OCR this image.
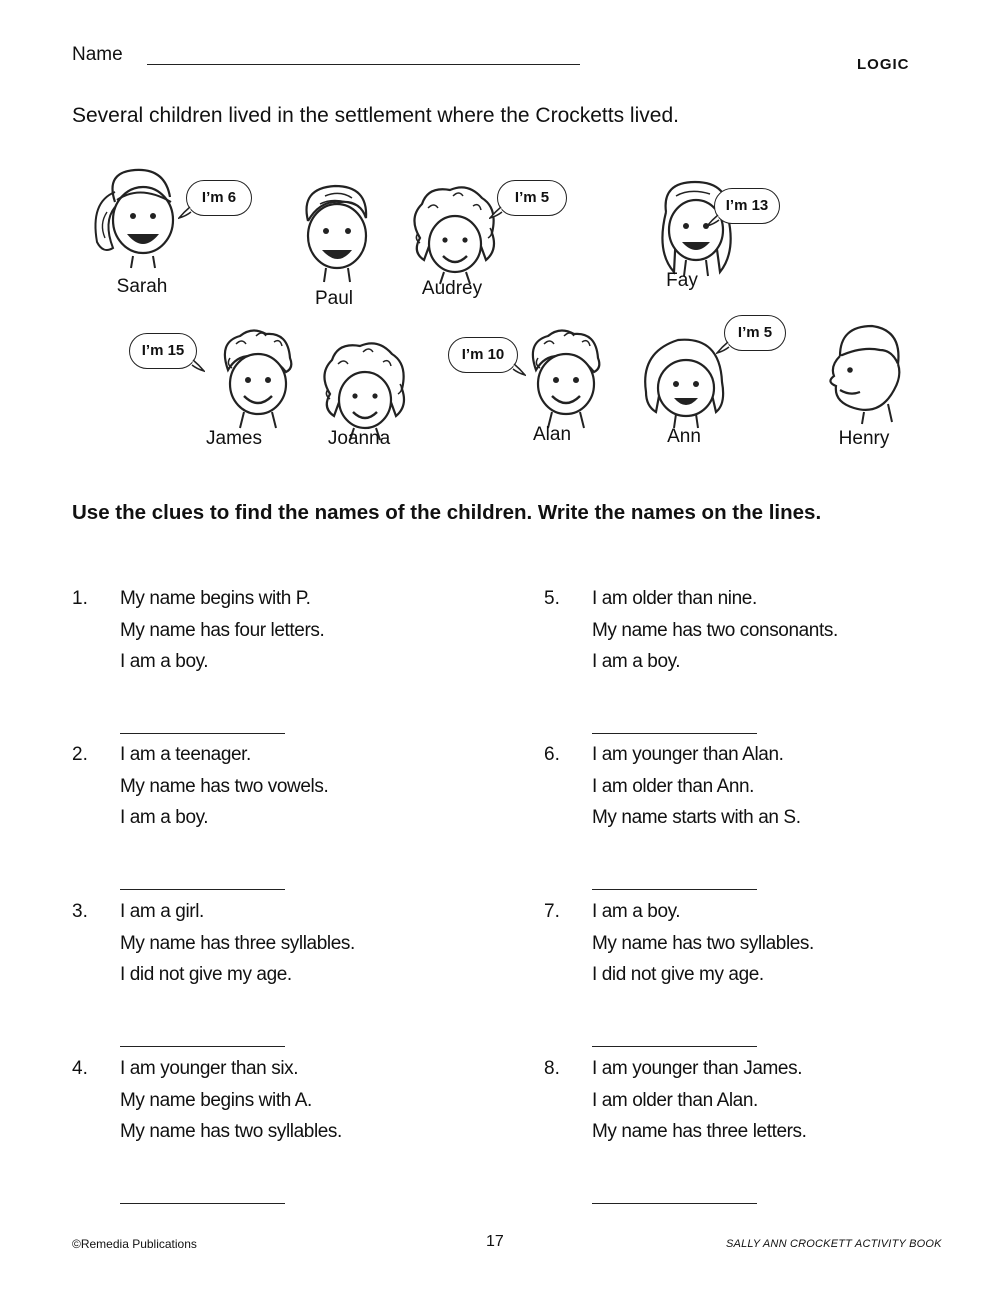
Name	LOGIC
Several children lived in the settlement where the Crocketts lived.
Sarah
I’m 6
Paul	Audrey
I’m 5
Fay
I’m 13
James
I’m 15
Joanna	Alan
I’m 10
Ann
I’m 5
Henry
Use the clues to find the names of the children. Write the names on the lines.
1. My name begins with P.
My name has four letters.
I am a boy.
2. I am a teenager.
My name has two vowels.
I am a boy.
3. I am a girl.
My name has three syllables.
I did not give my age.
4. I am younger than six.
My name begins with A.
My name has two syllables.
5. I am older than nine.
My name has two consonants.
I am a boy.
6. I am younger than Alan.
I am older than Ann.
My name starts with an S.
7. I am a boy.
My name has two syllables.
I did not give my age.
8. I am younger than James.
I am older than Alan.
My name has three letters.
©Remedia Publications	17	SALLY ANN CROCKETT ACTIVITY BOOK
